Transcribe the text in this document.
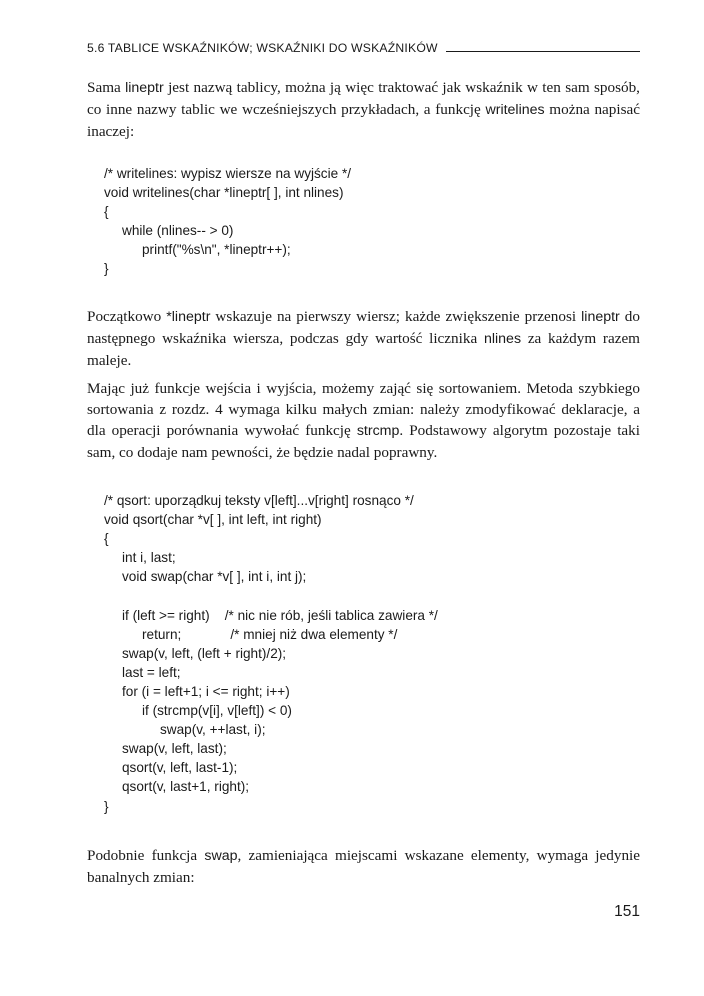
5.6 TABLICE WSKAŹNIKÓW; WSKAŹNIKI DO WSKAŹNIKÓW

Sama lineptr jest nazwą tablicy, można ją więc traktować jak wskaźnik w ten sam sposób, co inne nazwy tablic we wcześniejszych przykładach, a funkcję writelines można napisać inaczej:

/* writelines: wypisz wiersze na wyjście */
void writelines(char *lineptr[ ], int nlines)
{
while (nlines-- > 0)
printf("%s\n", *lineptr++);
}

Początkowo *lineptr wskazuje na pierwszy wiersz; każde zwiększenie przenosi lineptr do następnego wskaźnika wiersza, podczas gdy wartość licznika nlines za każdym razem maleje.

Mając już funkcje wejścia i wyjścia, możemy zająć się sortowaniem. Metoda szybkiego sortowania z rozdz. 4 wymaga kilku małych zmian: należy zmodyfikować deklaracje, a dla operacji porównania wywołać funkcję strcmp. Podstawowy algorytm pozostaje taki sam, co dodaje nam pewności, że będzie nadal poprawny.

/* qsort: uporządkuj teksty v[left]...v[right] rosnąco */
void qsort(char *v[ ], int left, int right)
{
int i, last;
void swap(char *v[ ], int i, int j);
if (left >= right)    /* nic nie rób, jeśli tablica zawiera */
return;             /* mniej niż dwa elementy */
swap(v, left, (left + right)/2);
last = left;
for (i = left+1; i <= right; i++)
if (strcmp(v[i], v[left]) < 0)
swap(v, ++last, i);
swap(v, left, last);
qsort(v, left, last-1);
qsort(v, last+1, right);
}

Podobnie funkcja swap, zamieniająca miejscami wskazane elementy, wymaga jedynie banalnych zmian:

151
